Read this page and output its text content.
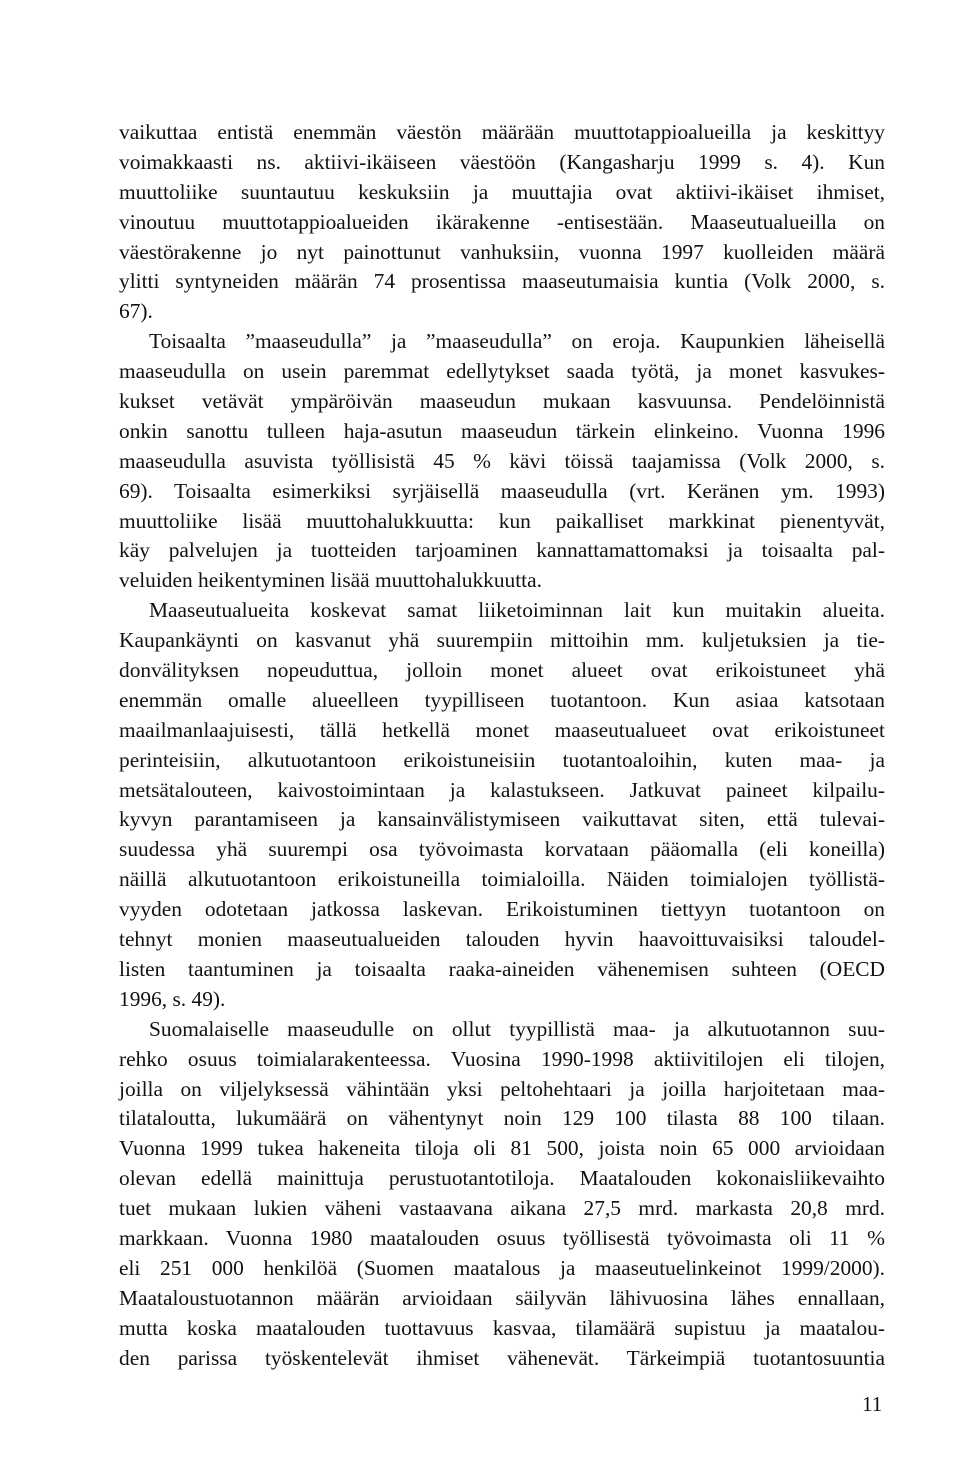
vaikuttaa entistä enemmän väestön määrään muuttotappioalueilla ja keskittyy
voimakkaasti ns. aktiivi-ikäiseen väestöön (Kangasharju 1999 s. 4). Kun
muuttoliike suuntautuu keskuksiin ja muuttajia ovat aktiivi-ikäiset ihmiset,
vinoutuu muuttotappioalueiden ikärakenne -entisestään. Maaseutualueilla on
väestörakenne jo nyt painottunut vanhuksiin, vuonna 1997 kuolleiden määrä
ylitti syntyneiden määrän 74 prosentissa maaseutumaisia kuntia (Volk 2000, s.
67).
Toisaalta ”maaseudulla” ja ”maaseudulla” on eroja. Kaupunkien läheisellä
maaseudulla on usein paremmat edellytykset saada työtä, ja monet kasvukes-
kukset vetävät ympäröivän maaseudun mukaan kasvuunsa. Pendelöinnistä
onkin sanottu tulleen haja-asutun maaseudun tärkein elinkeino. Vuonna 1996
maaseudulla asuvista työllisistä 45 % kävi töissä taajamissa (Volk 2000, s.
69). Toisaalta esimerkiksi syrjäisellä maaseudulla (vrt. Keränen ym. 1993)
muuttoliike lisää muuttohalukkuutta: kun paikalliset markkinat pienentyvät,
käy palvelujen ja tuotteiden tarjoaminen kannattamattomaksi ja toisaalta pal-
veluiden heikentyminen lisää muuttohalukkuutta.
Maaseutualueita koskevat samat liiketoiminnan lait kun muitakin alueita.
Kaupankäynti on kasvanut yhä suurempiin mittoihin mm. kuljetuksien ja tie-
donvälityksen nopeuduttua, jolloin monet alueet ovat erikoistuneet yhä
enemmän omalle alueelleen tyypilliseen tuotantoon. Kun asiaa katsotaan
maailmanlaajuisesti, tällä hetkellä monet maaseutualueet ovat erikoistuneet
perinteisiin, alkutuotantoon erikoistuneisiin tuotantoaloihin, kuten maa- ja
metsätalouteen, kaivostoimintaan ja kalastukseen. Jatkuvat paineet kilpailu-
kyvyn parantamiseen ja kansainvälistymiseen vaikuttavat siten, että tulevai-
suudessa yhä suurempi osa työvoimasta korvataan pääomalla (eli koneilla)
näillä alkutuotantoon erikoistuneilla toimialoilla. Näiden toimialojen työllistä-
vyyden odotetaan jatkossa laskevan. Erikoistuminen tiettyyn tuotantoon on
tehnyt monien maaseutualueiden talouden hyvin haavoittuvaisiksi taloudel-
listen taantuminen ja toisaalta raaka-aineiden vähenemisen suhteen (OECD
1996, s. 49).
Suomalaiselle maaseudulle on ollut tyypillistä maa- ja alkutuotannon suu-
rehko osuus toimialarakenteessa. Vuosina 1990-1998 aktiivitilojen eli tilojen,
joilla on viljelyksessä vähintään yksi peltohehtaari ja joilla harjoitetaan maa-
tilataloutta, lukumäärä on vähentynyt noin 129 100 tilasta 88 100 tilaan.
Vuonna 1999 tukea hakeneita tiloja oli 81 500, joista noin 65 000 arvioidaan
olevan edellä mainittuja perustuotantotiloja. Maatalouden kokonaisliikevaihto
tuet mukaan lukien väheni vastaavana aikana 27,5 mrd. markasta 20,8 mrd.
markkaan. Vuonna 1980 maatalouden osuus työllisestä työvoimasta oli 11 %
eli 251 000 henkilöä (Suomen maatalous ja maaseutuelinkeinot 1999/2000).
Maataloustuotannon määrän arvioidaan säilyvän lähivuosina lähes ennallaan,
mutta koska maatalouden tuottavuus kasvaa, tilamäärä supistuu ja maatalou-
den parissa työskentelevät ihmiset vähenevät. Tärkeimpiä tuotantosuuntia
11
